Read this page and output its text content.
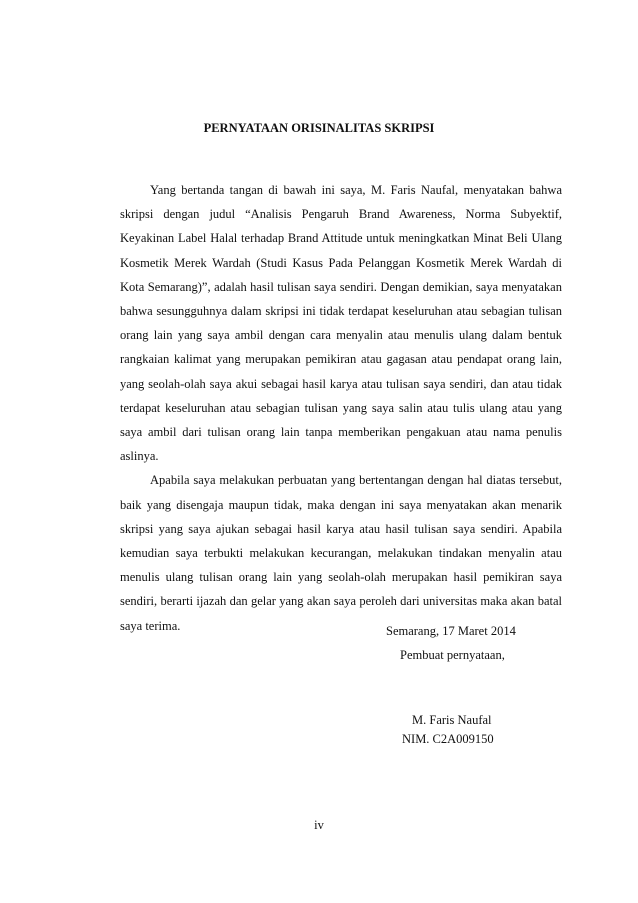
PERNYATAAN ORISINALITAS SKRIPSI

Yang bertanda tangan di bawah ini saya, M. Faris Naufal, menyatakan bahwa skripsi dengan judul “Analisis Pengaruh Brand Awareness, Norma Subyektif, Keyakinan Label Halal terhadap Brand Attitude untuk meningkatkan Minat Beli Ulang Kosmetik Merek Wardah (Studi Kasus Pada Pelanggan Kosmetik Merek Wardah di Kota Semarang)”, adalah hasil tulisan saya sendiri. Dengan demikian, saya menyatakan bahwa sesungguhnya dalam skripsi ini tidak terdapat keseluruhan atau sebagian tulisan orang lain yang saya ambil dengan cara menyalin atau menulis ulang dalam bentuk rangkaian kalimat yang merupakan pemikiran atau gagasan atau pendapat orang lain, yang seolah-olah saya akui sebagai hasil karya atau tulisan saya sendiri, dan atau tidak terdapat keseluruhan atau sebagian tulisan yang saya salin atau tulis ulang atau yang saya ambil dari tulisan orang lain tanpa memberikan pengakuan atau nama penulis aslinya.

Apabila saya melakukan perbuatan yang bertentangan dengan hal diatas tersebut, baik yang disengaja maupun tidak, maka dengan ini saya menyatakan akan menarik skripsi yang saya ajukan sebagai hasil karya atau hasil tulisan saya sendiri. Apabila kemudian saya terbukti melakukan kecurangan, melakukan tindakan menyalin atau menulis ulang tulisan orang lain yang seolah-olah merupakan hasil pemikiran saya sendiri, berarti ijazah dan gelar yang akan saya peroleh dari universitas maka akan batal saya terima.	Semarang, 17 Maret 2014
Pembuat pernyataan,
M. Faris Naufal
NIM. C2A009150
iv
